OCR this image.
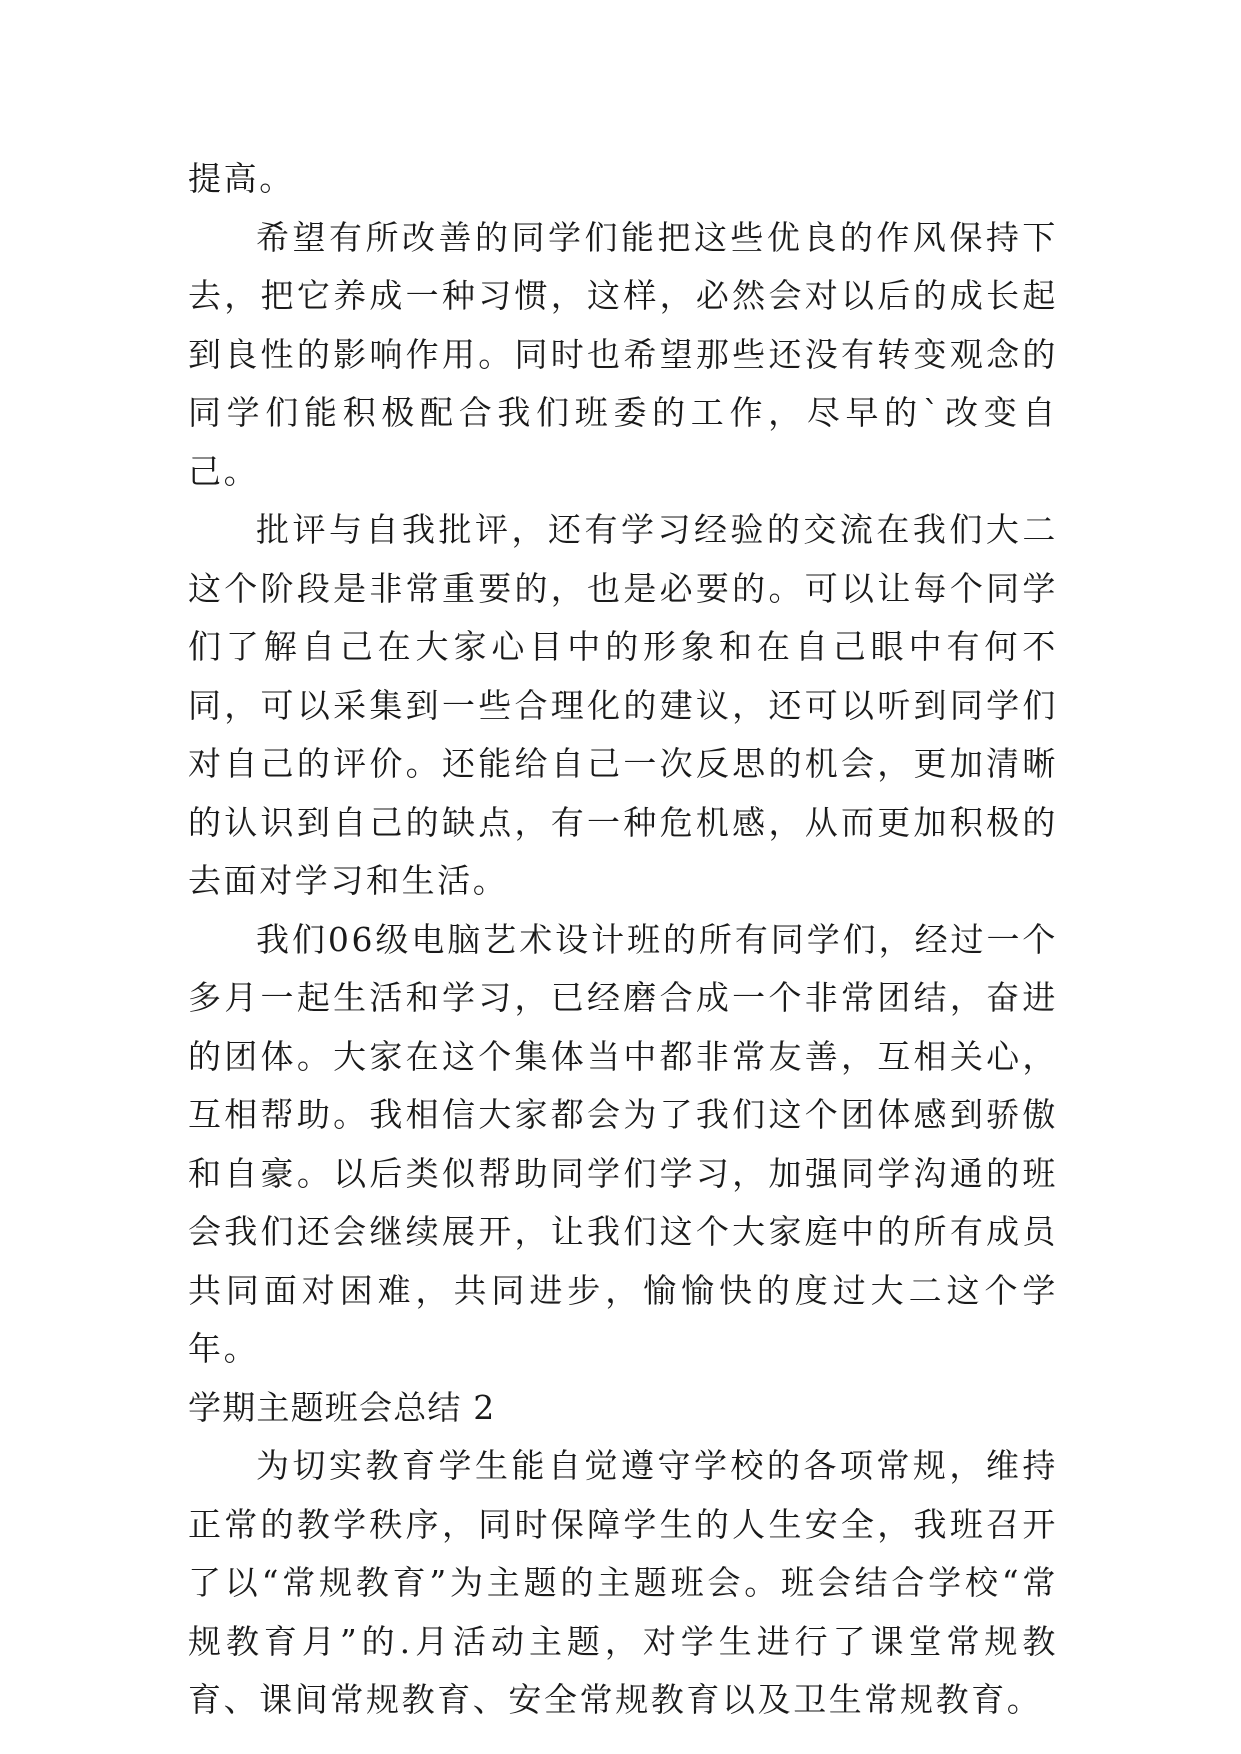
提高。

希望有所改善的同学们能把这些优良的作风保持下去，把它养成一种习惯，这样，必然会对以后的成长起到良性的影响作用。同时也希望那些还没有转变观念的同学们能积极配合我们班委的工作，尽早的`改变自己。

批评与自我批评，还有学习经验的交流在我们大二这个阶段是非常重要的，也是必要的。可以让每个同学们了解自己在大家心目中的形象和在自己眼中有何不同，可以采集到一些合理化的建议，还可以听到同学们对自己的评价。还能给自己一次反思的机会，更加清晰的认识到自己的缺点，有一种危机感，从而更加积极的去面对学习和生活。

我们06级电脑艺术设计班的所有同学们，经过一个多月一起生活和学习，已经磨合成一个非常团结，奋进的团体。大家在这个集体当中都非常友善，互相关心，互相帮助。我相信大家都会为了我们这个团体感到骄傲和自豪。以后类似帮助同学们学习，加强同学沟通的班会我们还会继续展开，让我们这个大家庭中的所有成员共同面对困难，共同进步，愉愉快的度过大二这个学年。

学期主题班会总结 2

为切实教育学生能自觉遵守学校的各项常规，维持正常的教学秩序，同时保障学生的人生安全，我班召开了以“常规教育”为主题的主题班会。班会结合学校“常规教育月”的.月活动主题，对学生进行了课堂常规教育、课间常规教育、安全常规教育以及卫生常规教育。
